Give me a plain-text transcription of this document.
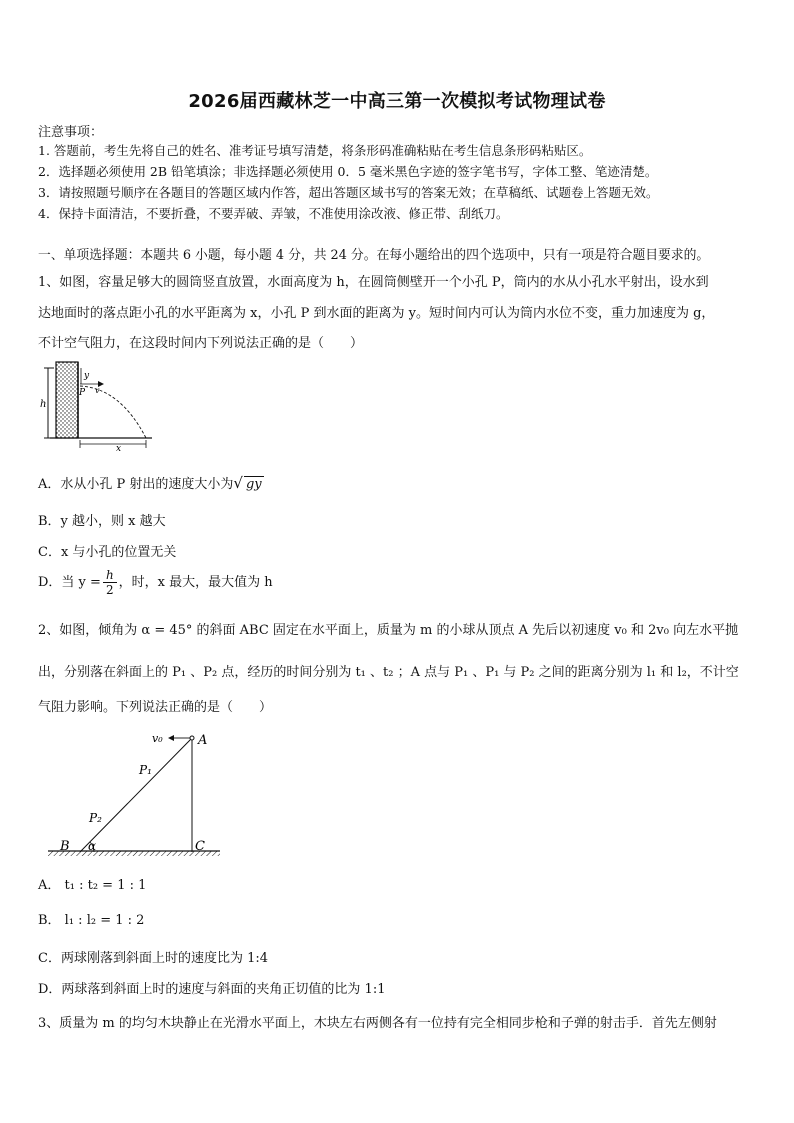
2026届西藏林芝一中高三第一次模拟考试物理试卷
注意事项：
1. 答题前，考生先将自己的姓名、准考证号填写清楚，将条形码准确粘贴在考生信息条形码粘贴区。
2．选择题必须使用 2B 铅笔填涂；非选择题必须使用 0．5 毫米黑色字迹的签字笔书写，字体工整、笔迹清楚。
3．请按照题号顺序在各题目的答题区域内作答，超出答题区域书写的答案无效；在草稿纸、试题卷上答题无效。
4．保持卡面清洁，不要折叠，不要弄破、弄皱，不准使用涂改液、修正带、刮纸刀。
一、单项选择题：本题共 6 小题，每小题 4 分，共 24 分。在每小题给出的四个选项中，只有一项是符合题目要求的。
1、如图，容量足够大的圆筒竖直放置，水面高度为 h，在圆筒侧壁开一个小孔 P，筒内的水从小孔水平射出，设水到
达地面时的落点距小孔的水平距离为 x，小孔 P 到水面的距离为 y。短时间内可认为筒内水位不变，重力加速度为 g，
不计空气阻力，在这段时间内下列说法正确的是（　　）
y
v
P
h
x
A．水从小孔 P 射出的速度大小为√ gy
B．y 越小，则 x 越大
C．x 与小孔的位置无关
D．当 $y = \frac{h}{2}$ ，时，x 最大，最大值为 h
2、如图，倾角为 α = 45° 的斜面 ABC 固定在水平面上，质量为 m 的小球从顶点 A 先后以初速度 v₀ 和 2v₀ 向左水平抛
出，分别落在斜面上的 P₁ 、P₂ 点，经历的时间分别为 t₁ 、t₂ ；A 点与 P₁ 、P₁ 与 P₂ 之间的距离分别为 l₁ 和 l₂，不计空
气阻力影响。下列说法正确的是（　　）
v₀	A
P₁
P₂
B α	C
A． t₁ : t₂ = 1 : 1
B． l₁ : l₂ = 1 : 2
C．两球刚落到斜面上时的速度比为 1:4
D．两球落到斜面上时的速度与斜面的夹角正切值的比为 1:1
3、质量为 m 的均匀木块静止在光滑水平面上，木块左右两侧各有一位持有完全相同步枪和子弹的射击手．首先左侧射
